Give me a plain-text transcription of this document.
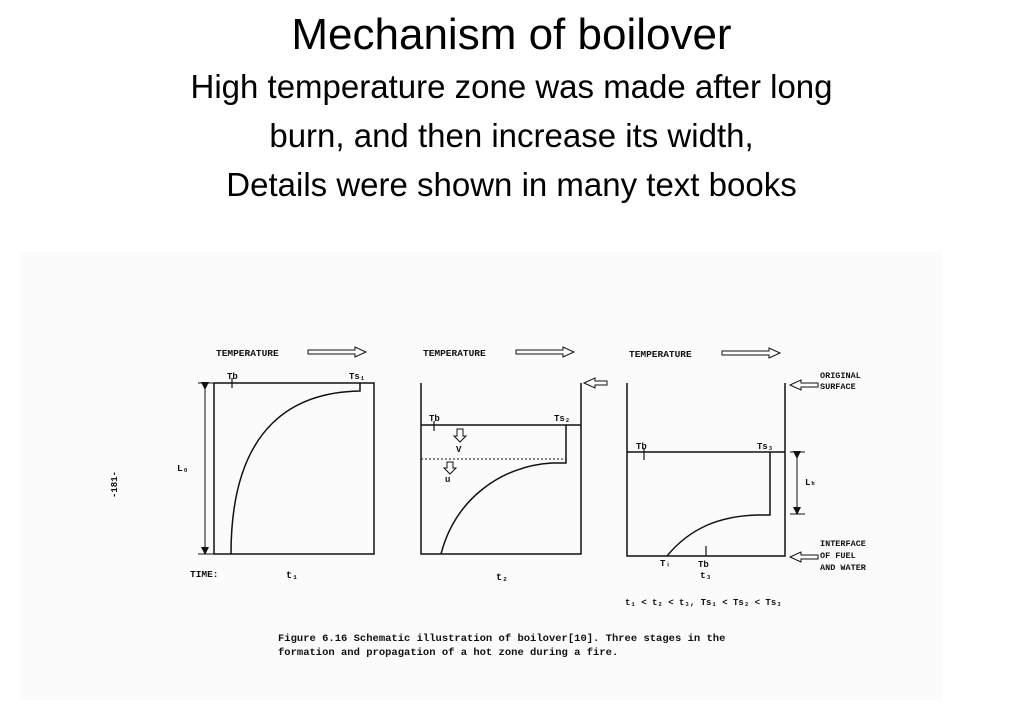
Mechanism of boilover
High temperature zone was made after long
burn, and then increase its width,
Details were shown in many text books
-181-
TEMPERATURE
Tb	Ts₁
L₀
TIME:	t₁
TEMPERATURE
Tb	Ts₂
V
u
t₂
TEMPERATURE
Tb	Ts₃
Tᵢ	Tb
t₃
Lₕ
ORIGINAL
SURFACE
INTERFACE
OF FUEL
AND WATER
t₁ < t₂ < t₃, Ts₁ < Ts₂ < Ts₃
Figure 6.16 Schematic illustration of boilover[10]. Three stages in the
formation and propagation of a hot zone during a fire.
